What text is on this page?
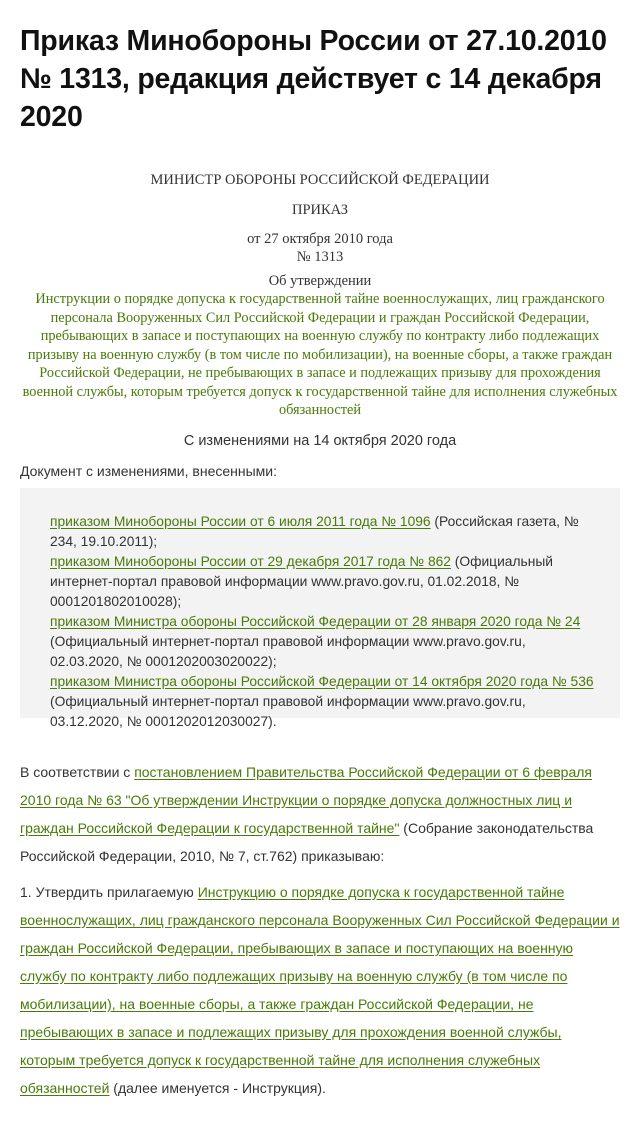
Приказ Минобороны России от 27.10.2010 № 1313, редакция действует с 14 декабря 2020
МИНИСТР ОБОРОНЫ РОССИЙСКОЙ ФЕДЕРАЦИИ
ПРИКАЗ
от 27 октября 2010 года
№ 1313
Об утверждении
Инструкции о порядке допуска к государственной тайне военнослужащих, лиц гражданского персонала Вооруженных Сил Российской Федерации и граждан Российской Федерации, пребывающих в запасе и поступающих на военную службу по контракту либо подлежащих призыву на военную службу (в том числе по мобилизации), на военные сборы, а также граждан Российской Федерации, не пребывающих в запасе и подлежащих призыву для прохождения военной службы, которым требуется допуск к государственной тайне для исполнения служебных обязанностей
С изменениями на 14 октября 2020 года
Документ с изменениями, внесенными:

приказом Минобороны России от 6 июля 2011 года № 1096 (Российская газета, № 234, 19.10.2011);

приказом Минобороны России от 29 декабря 2017 года № 862 (Официальный интернет-портал правовой информации www.pravo.gov.ru, 01.02.2018, № 0001201802010028);

приказом Министра обороны Российской Федерации от 28 января 2020 года № 24 (Официальный интернет-портал правовой информации www.pravo.gov.ru, 02.03.2020, № 0001202003020022);

приказом Министра обороны Российской Федерации от 14 октября 2020 года № 536 (Официальный интернет-портал правовой информации www.pravo.gov.ru, 03.12.2020, № 0001202012030027).

В соответствии с постановлением Правительства Российской Федерации от 6 февраля 2010 года № 63 "Об утверждении Инструкции о порядке допуска должностных лиц и граждан Российской Федерации к государственной тайне" (Собрание законодательства Российской Федерации, 2010, № 7, ст.762) приказываю:

1. Утвердить прилагаемую Инструкцию о порядке допуска к государственной тайне военнослужащих, лиц гражданского персонала Вооруженных Сил Российской Федерации и граждан Российской Федерации, пребывающих в запасе и поступающих на военную службу по контракту либо подлежащих призыву на военную службу (в том числе по мобилизации), на военные сборы, а также граждан Российской Федерации, не пребывающих в запасе и подлежащих призыву для прохождения военной службы, которым требуется допуск к государственной тайне для исполнения служебных обязанностей (далее именуется - Инструкция).
